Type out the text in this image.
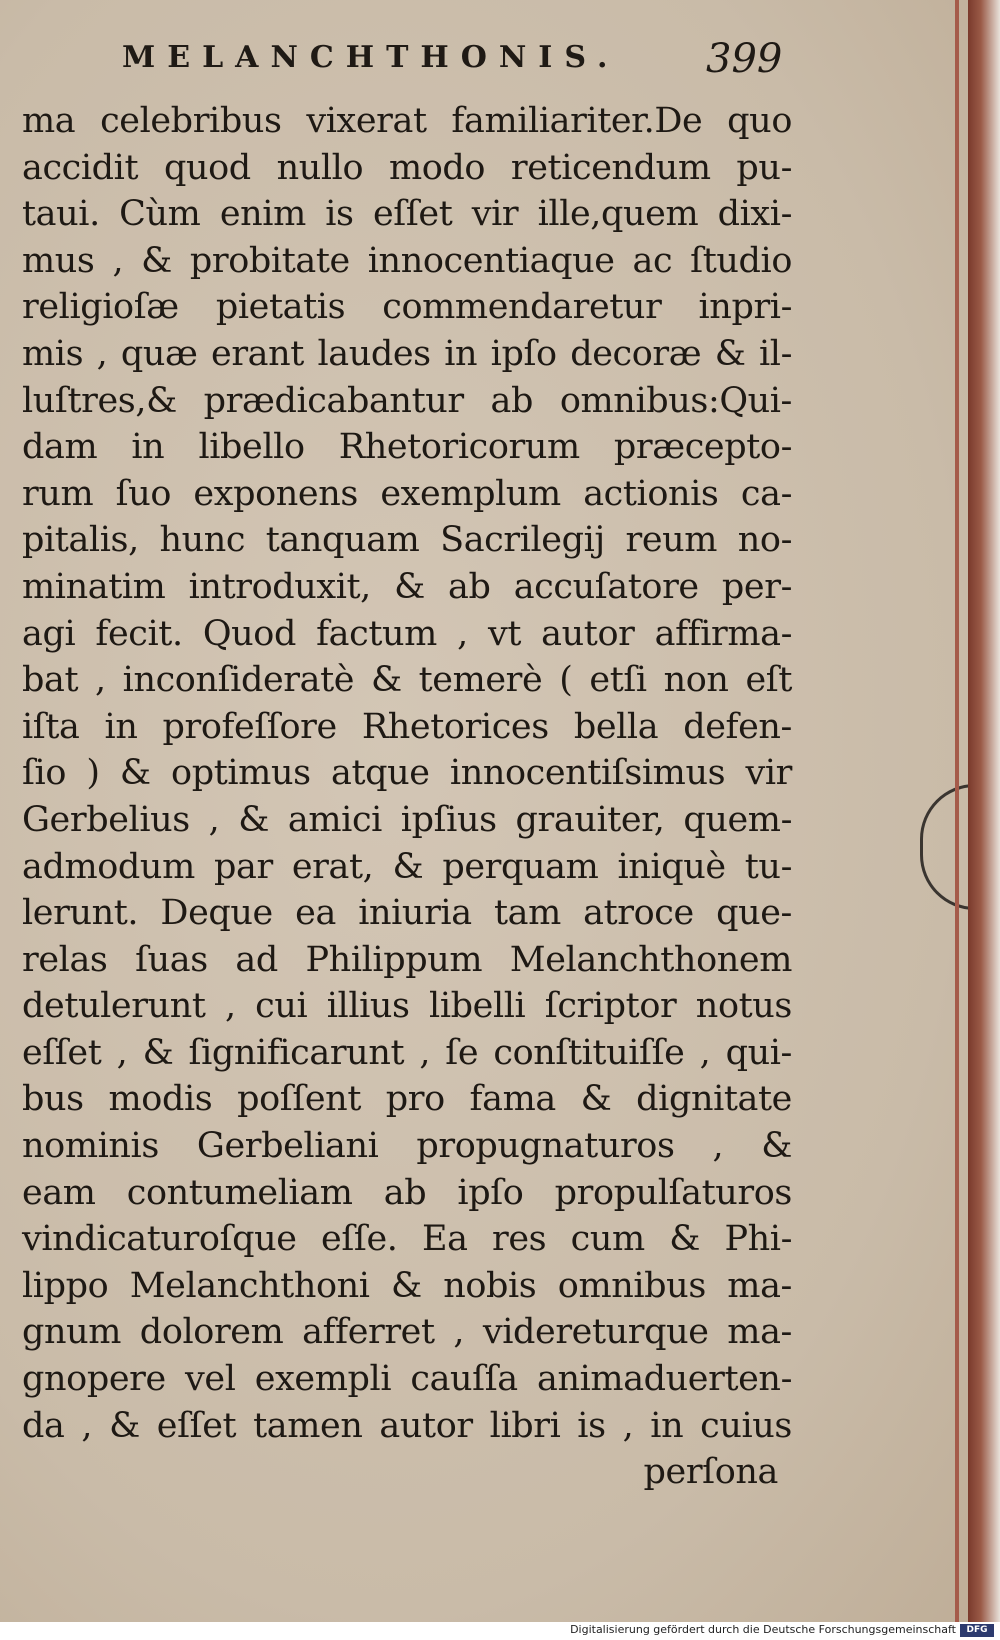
MELANCHTHONIS. 399
ma celebribus vixerat familiariter.De quo
accidit quod nullo modo reticendum pu-
taui. Cùm enim is eſſet vir ille,quem dixi-
mus , & probitate innocentiaque ac ſtudio
religioſæ pietatis commendaretur inpri-
mis , quæ erant laudes in ipſo decoræ & il-
luſtres,& prædicabantur ab omnibus:Qui-
dam in libello Rhetoricorum præcepto-
rum ſuo exponens exemplum actionis ca-
pitalis, hunc tanquam Sacrilegij reum no-
minatim introduxit, & ab accuſatore per-
agi fecit. Quod factum , vt autor affirma-
bat , inconſideratè & temerè ( etſi non eſt
iſta in profeſſore Rhetorices bella defen-
ſio ) & optimus atque innocentiſsimus vir
Gerbelius , & amici ipſius grauiter, quem-
admodum par erat, & perquam iniquè tu-
lerunt. Deque ea iniuria tam atroce que-
relas ſuas ad Philippum Melanchthonem
detulerunt , cui illius libelli ſcriptor notus
eſſet , & ſignificarunt , ſe conſtituiſſe , qui-
bus modis poſſent pro fama & dignitate
nominis Gerbeliani propugnaturos , &
eam contumeliam ab ipſo propulſaturos
vindicaturoſque eſſe. Ea res cum & Phi-
lippo Melanchthoni & nobis omnibus ma-
gnum dolorem afferret , videreturque ma-
gnopere vel exempli cauſſa animaduerten-
da , & eſſet tamen autor libri is , in cuius
perſona
Digitalisierung gefördert durch die Deutsche Forschungsgemeinschaft	DFG
